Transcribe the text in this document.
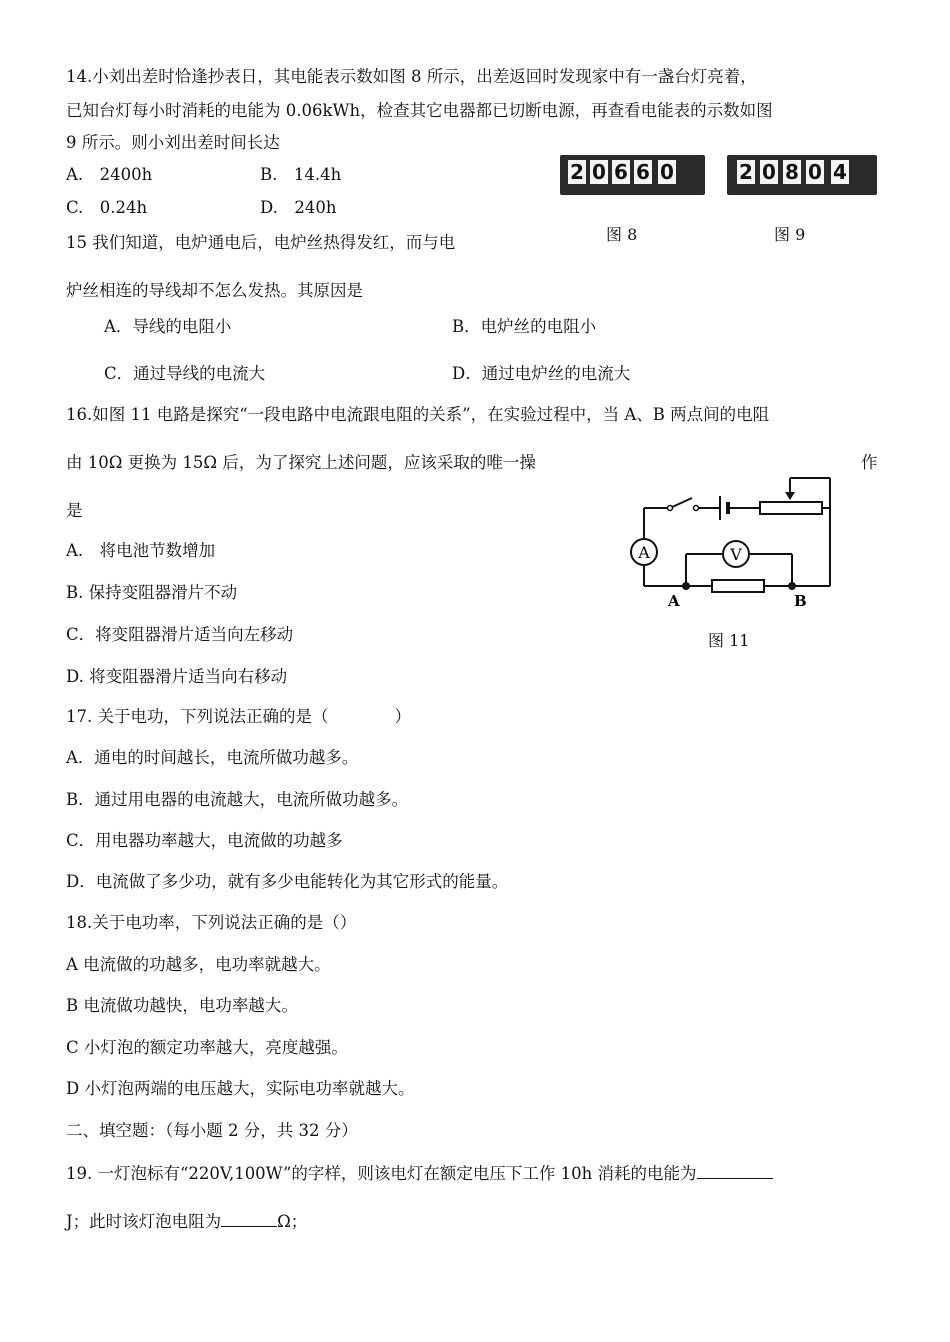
14.小刘出差时恰逢抄表日，其电能表示数如图 8 所示，出差返回时发现家中有一盏台灯亮着，
已知台灯每小时消耗的电能为 0.06kWh，检查其它电器都已切断电源，再查看电能表的示数如图
9 所示。则小刘出差时间长达
A.　2400h	B.　14.4h
C.　0.24h	D.　240h
2 0 6 6 0
图 8
2 0 8 0 4
图 9
15 我们知道，电炉通电后，电炉丝热得发红，而与电
炉丝相连的导线却不怎么发热。其原因是
A．导线的电阻小	B．电炉丝的电阻小
C．通过导线的电流大	D．通过电炉丝的电流大
16.如图 11 电路是探究“一段电路中电流跟电阻的关系”，在实验过程中，当 A、B 两点间的电阻
由 10Ω 更换为 15Ω 后，为了探究上述问题，应该采取的唯一操	作
是
A.　将电池节数增加
B. 保持变阻器滑片不动
C．将变阻器滑片适当向左移动
D. 将变阻器滑片适当向右移动
A	V
A	B
图 11
17. 关于电功，下列说法正确的是（　　　　）
A．通电的时间越长，电流所做功越多。
B．通过用电器的电流越大，电流所做功越多。
C．用电器功率越大，电流做的功越多
D．电流做了多少功，就有多少电能转化为其它形式的能量。
18.关于电功率，下列说法正确的是（）
A 电流做的功越多，电功率就越大。
B 电流做功越快，电功率越大。
C 小灯泡的额定功率越大，亮度越强。
D 小灯泡两端的电压越大，实际电功率就越大。
二、填空题：（每小题 2 分，共 32 分）
19. 一灯泡标有“220V,100W”的字样，则该电灯在额定电压下工作 10h 消耗的电能为
J；此时该灯泡电阻为	Ω；
